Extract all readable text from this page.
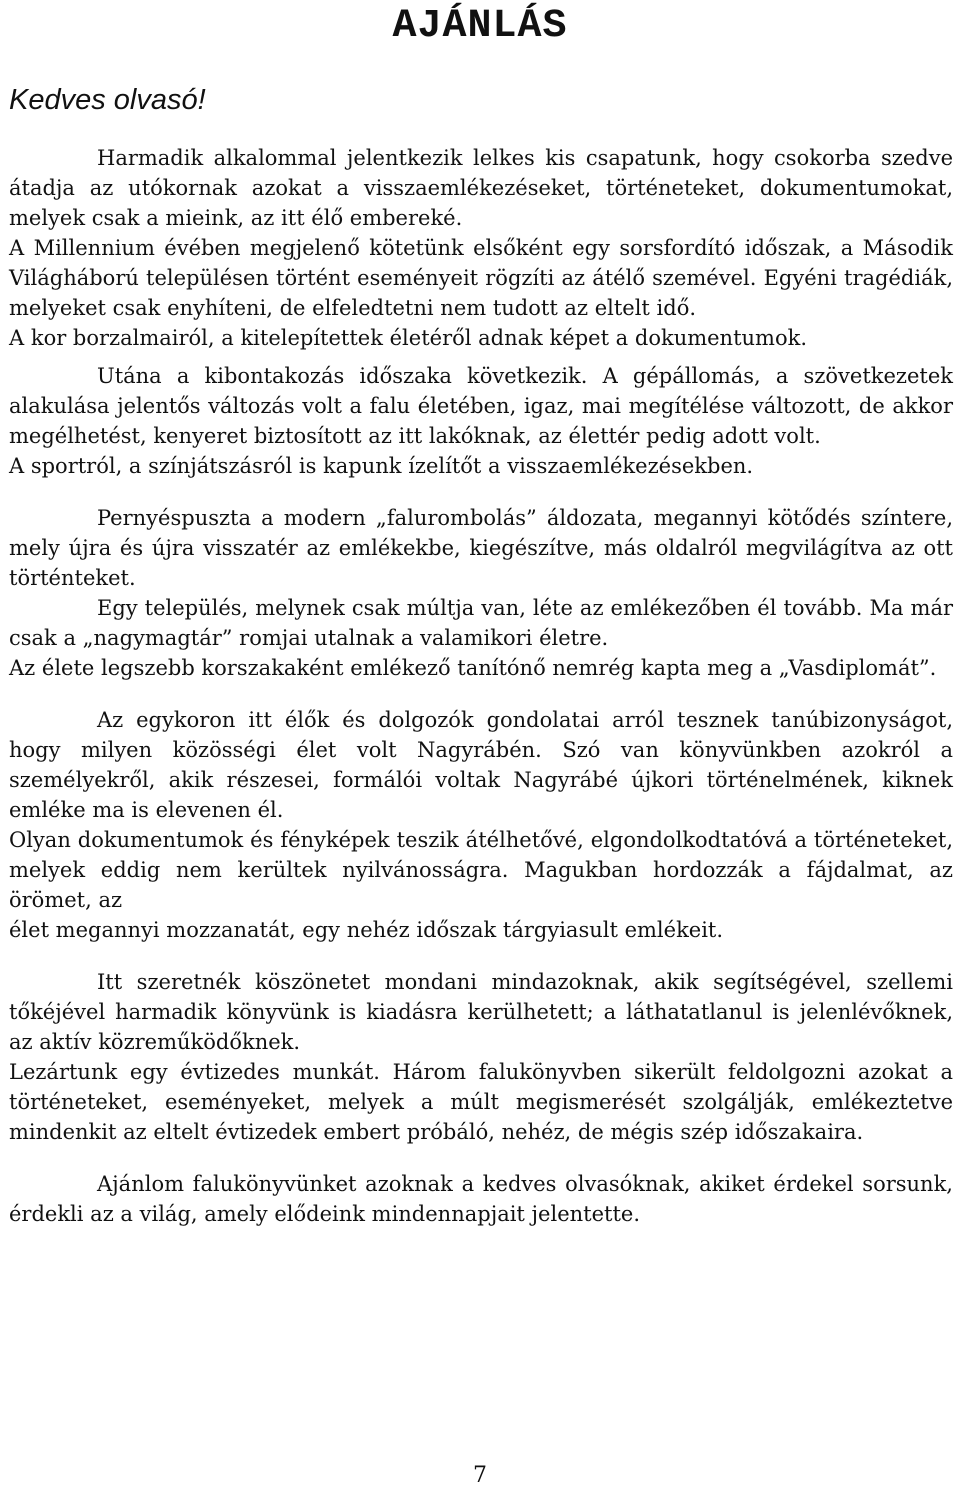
AJÁNLÁS
Kedves olvasó!

Harmadik alkalommal jelentkezik lelkes kis csapatunk, hogy csokorba szedve átadja az utókornak azokat a visszaemlékezéseket, történeteket, dokumentumokat, melyek csak a mieink, az itt élő embereké.

A Millennium évében megjelenő kötetünk elsőként egy sorsfordító időszak, a Második Világháború településen történt eseményeit rögzíti az átélő szemével. Egyéni tragédiák, melyeket csak enyhíteni, de elfeledtetni nem tudott az eltelt idő.

A kor borzalmairól, a kitelepítettek életéről adnak képet a dokumentumok.

Utána a kibontakozás időszaka következik. A gépállomás, a szövetkezetek alakulása jelentős változás volt a falu életében, igaz, mai megítélése változott, de akkor megélhetést, kenyeret biztosított az itt lakóknak, az élettér pedig adott volt.

A sportról, a színjátszásról is kapunk ízelítőt a visszaemlékezésekben.

Pernyéspuszta a modern „falurombolás” áldozata, megannyi kötődés színtere, mely újra és újra visszatér az emlékekbe, kiegészítve, más oldalról megvilágítva az ott történteket.

Egy település, melynek csak múltja van, léte az emlékezőben él tovább. Ma már csak a „nagymagtár” romjai utalnak a valamikori életre.

Az élete legszebb korszakaként emlékező tanítónő nemrég kapta meg a „Vasdiplomát”.

Az egykoron itt élők és dolgozók gondolatai arról tesznek tanúbizonyságot, hogy milyen közösségi élet volt Nagyrábén. Szó van könyvünkben azokról a személyekről, akik részesei, formálói voltak Nagyrábé újkori történelmének, kiknek emléke ma is elevenen él.

Olyan dokumentumok és fényképek teszik átélhetővé, elgondolkodtatóvá a történeteket, melyek eddig nem kerültek nyilvánosságra. Magukban hordozzák a fájdalmat, az örömet, az

élet megannyi mozzanatát, egy nehéz időszak tárgyiasult emlékeit.

Itt szeretnék köszönetet mondani mindazoknak, akik segítségével, szellemi tőkéjével harmadik könyvünk is kiadásra kerülhetett; a láthatatlanul is jelenlévőknek, az aktív közreműködőknek.

Lezártunk egy évtizedes munkát. Három falukönyvben sikerült feldolgozni azokat a történeteket, eseményeket, melyek a múlt megismerését szolgálják, emlékeztetve mindenkit az eltelt évtizedek embert próbáló, nehéz, de mégis szép időszakaira.

Ajánlom falukönyvünket azoknak a kedves olvasóknak, akiket érdekel sorsunk, érdekli az a világ, amely elődeink mindennapjait jelentette.

7
